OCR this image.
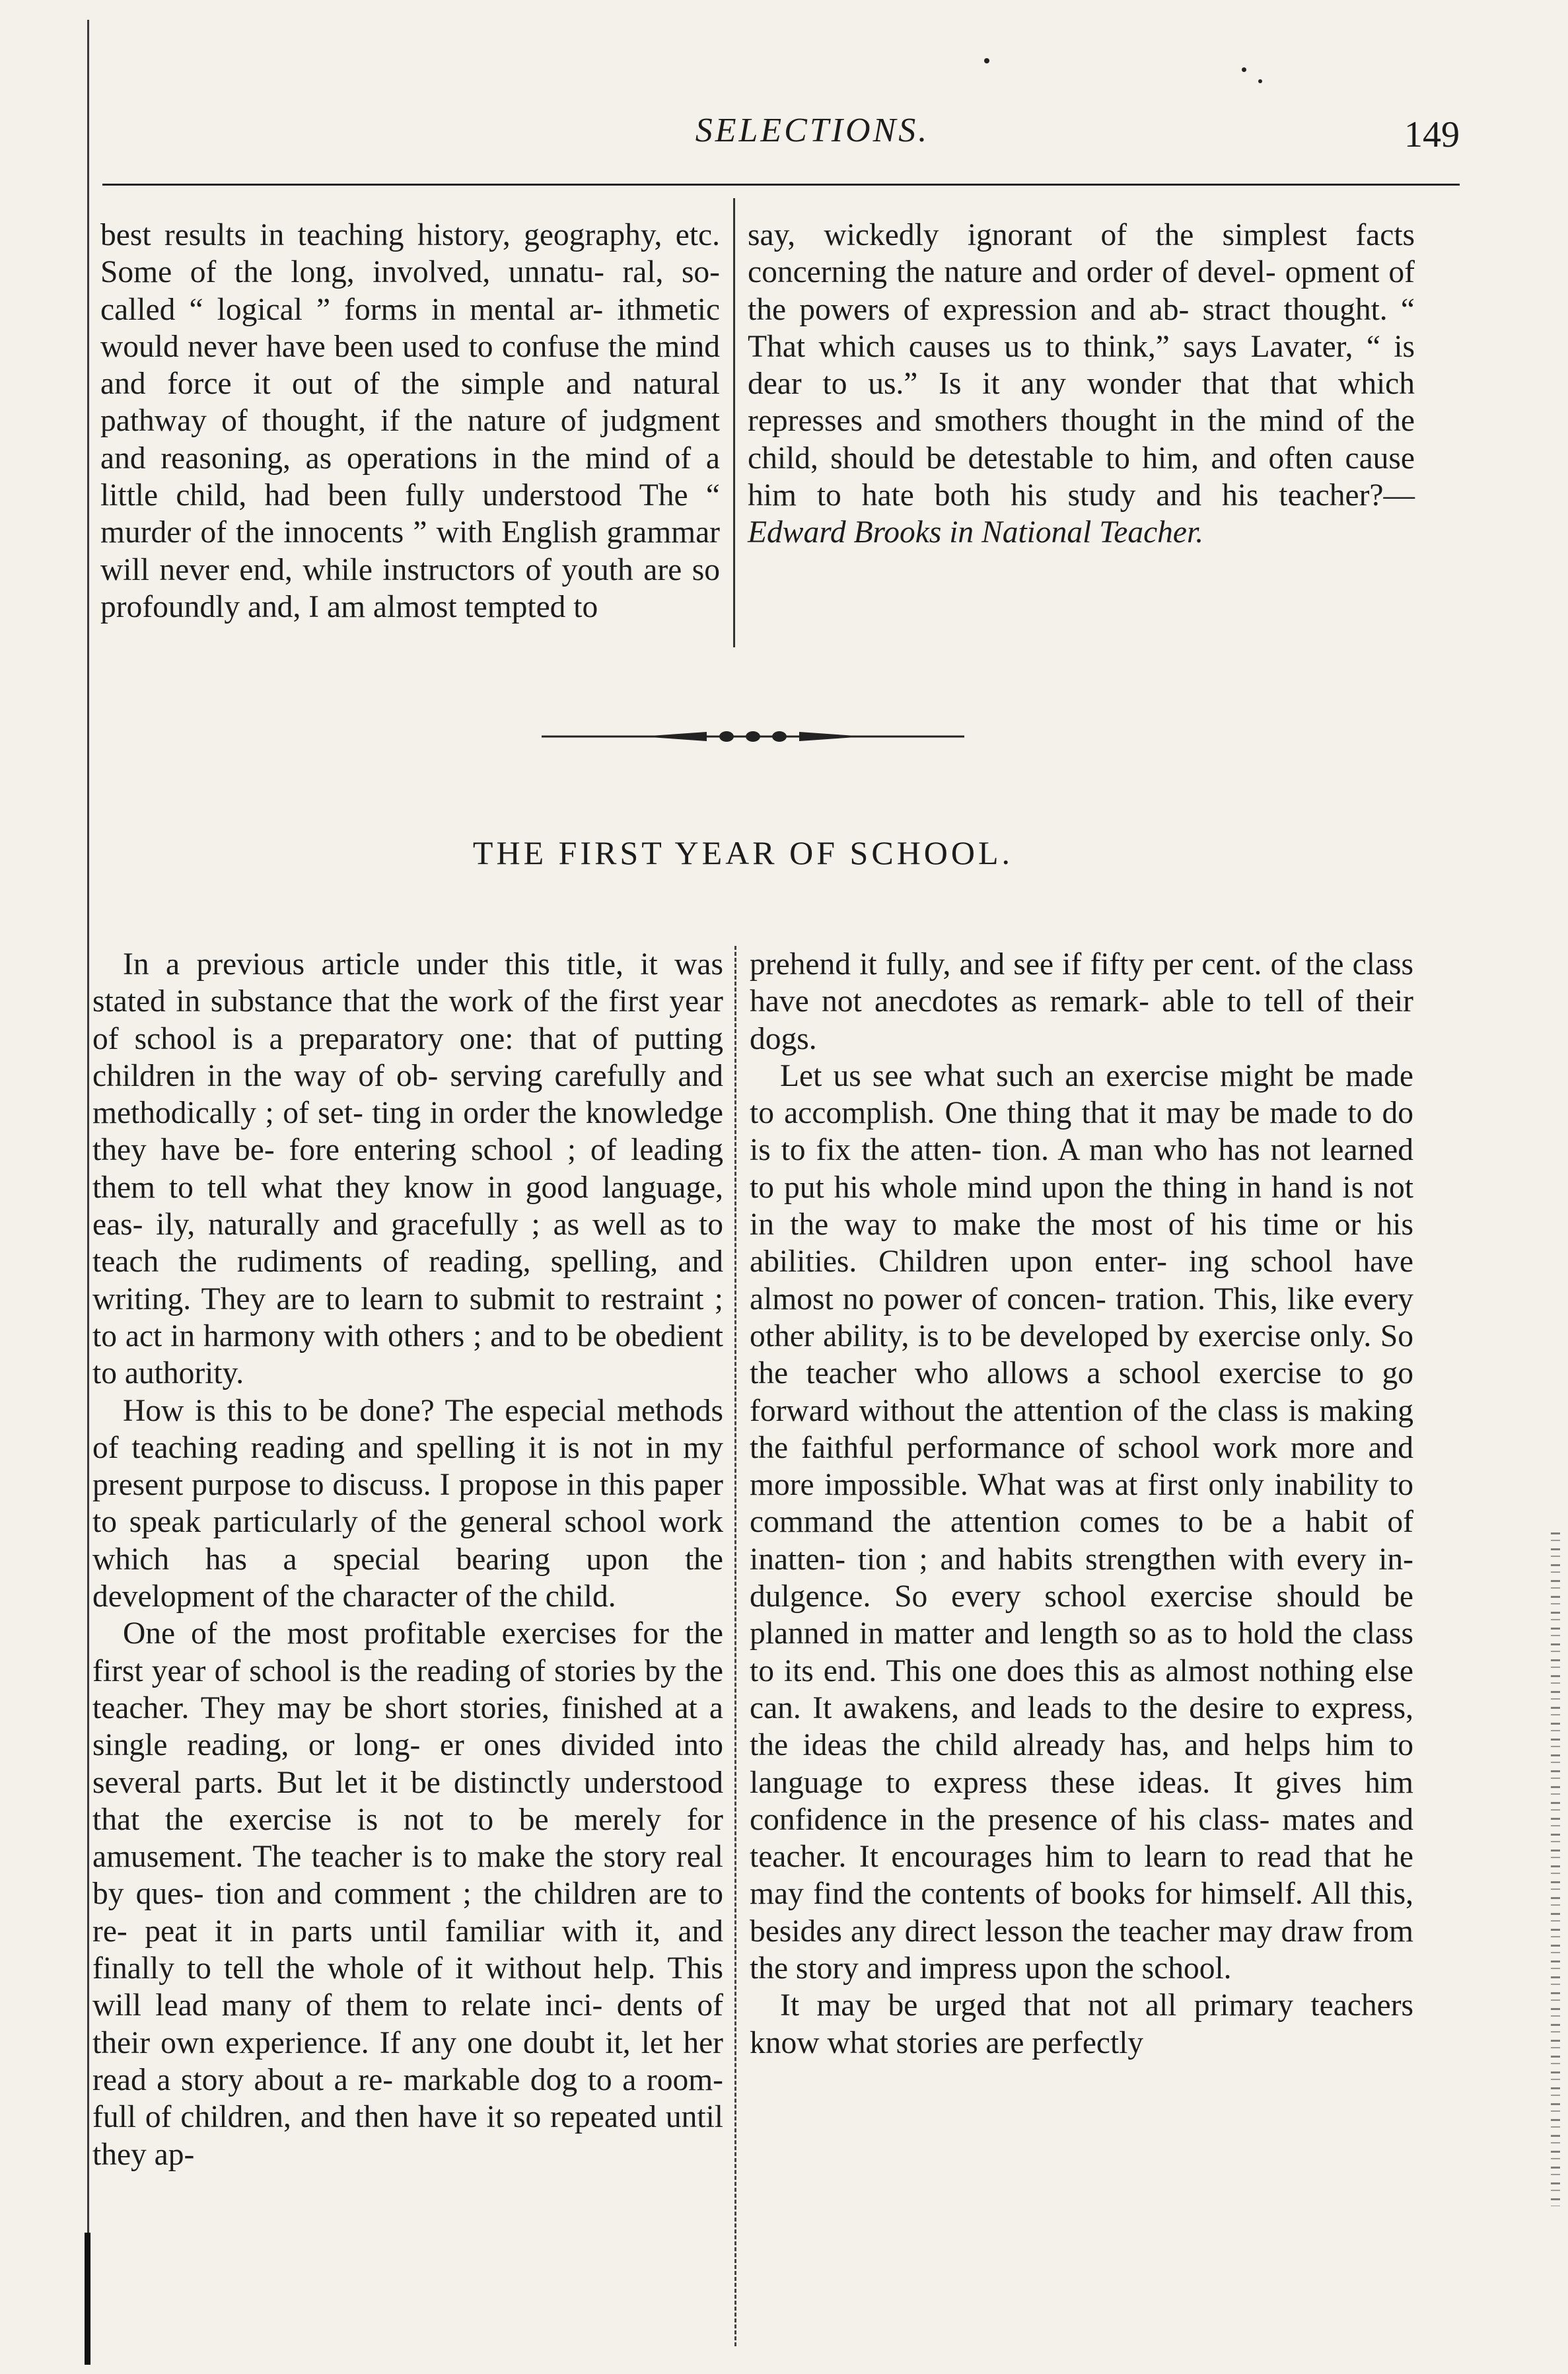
SELECTIONS.	149

best results in teaching history, geography, etc. Some of the long, involved, unnatu- ral, so-called “ logical ” forms in mental ar- ithmetic would never have been used to confuse the mind and force it out of the simple and natural pathway of thought, if the nature of judgment and reasoning, as operations in the mind of a little child, had been fully understood The “ murder of the innocents ” with English grammar will never end, while instructors of youth are so profoundly and, I am almost tempted to

say, wickedly ignorant of the simplest facts concerning the nature and order of devel- opment of the powers of expression and ab- stract thought. “ That which causes us to think,” says Lavater, “ is dear to us.” Is it any wonder that that which represses and smothers thought in the mind of the child, should be detestable to him, and often cause him to hate both his study and his teacher?— Edward Brooks in National Teacher.

THE FIRST YEAR OF SCHOOL.

In a previous article under this title, it was stated in substance that the work of the first year of school is a preparatory one: that of putting children in the way of ob- serving carefully and methodically ; of set- ting in order the knowledge they have be- fore entering school ; of leading them to tell what they know in good language, eas- ily, naturally and gracefully ; as well as to teach the rudiments of reading, spelling, and writing. They are to learn to submit to restraint ; to act in harmony with others ; and to be obedient to authority.

How is this to be done? The especial methods of teaching reading and spelling it is not in my present purpose to discuss. I propose in this paper to speak particularly of the general school work which has a special bearing upon the development of the character of the child.

One of the most profitable exercises for the first year of school is the reading of stories by the teacher. They may be short stories, finished at a single reading, or long- er ones divided into several parts. But let it be distinctly understood that the exercise is not to be merely for amusement. The teacher is to make the story real by ques- tion and comment ; the children are to re- peat it in parts until familiar with it, and finally to tell the whole of it without help. This will lead many of them to relate inci- dents of their own experience. If any one doubt it, let her read a story about a re- markable dog to a room-full of children, and then have it so repeated until they ap-

prehend it fully, and see if fifty per cent. of the class have not anecdotes as remark- able to tell of their dogs.

Let us see what such an exercise might be made to accomplish. One thing that it may be made to do is to fix the atten- tion. A man who has not learned to put his whole mind upon the thing in hand is not in the way to make the most of his time or his abilities. Children upon enter- ing school have almost no power of concen- tration. This, like every other ability, is to be developed by exercise only. So the teacher who allows a school exercise to go forward without the attention of the class is making the faithful performance of school work more and more impossible. What was at first only inability to command the attention comes to be a habit of inatten- tion ; and habits strengthen with every in- dulgence. So every school exercise should be planned in matter and length so as to hold the class to its end. This one does this as almost nothing else can. It awakens, and leads to the desire to express, the ideas the child already has, and helps him to language to express these ideas. It gives him confidence in the presence of his class- mates and teacher. It encourages him to learn to read that he may find the contents of books for himself. All this, besides any direct lesson the teacher may draw from the story and impress upon the school.

It may be urged that not all primary teachers know what stories are perfectly
